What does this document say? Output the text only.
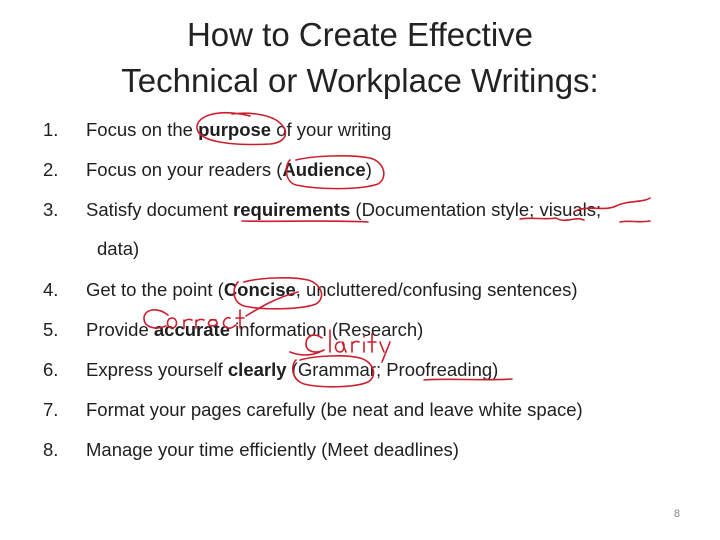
How to Create Effective
Technical or Workplace Writings:
1. Focus on the purpose of your writing
2. Focus on your readers (Audience)
3. Satisfy document requirements (Documentation style; visuals;
data)
4. Get to the point (Concise, uncluttered/confusing sentences)
5. Provide accurate information (Research)
6. Express yourself clearly (Grammar; Proofreading)
7. Format your pages carefully (be neat and leave white space)
8. Manage your time efficiently (Meet deadlines)
8
